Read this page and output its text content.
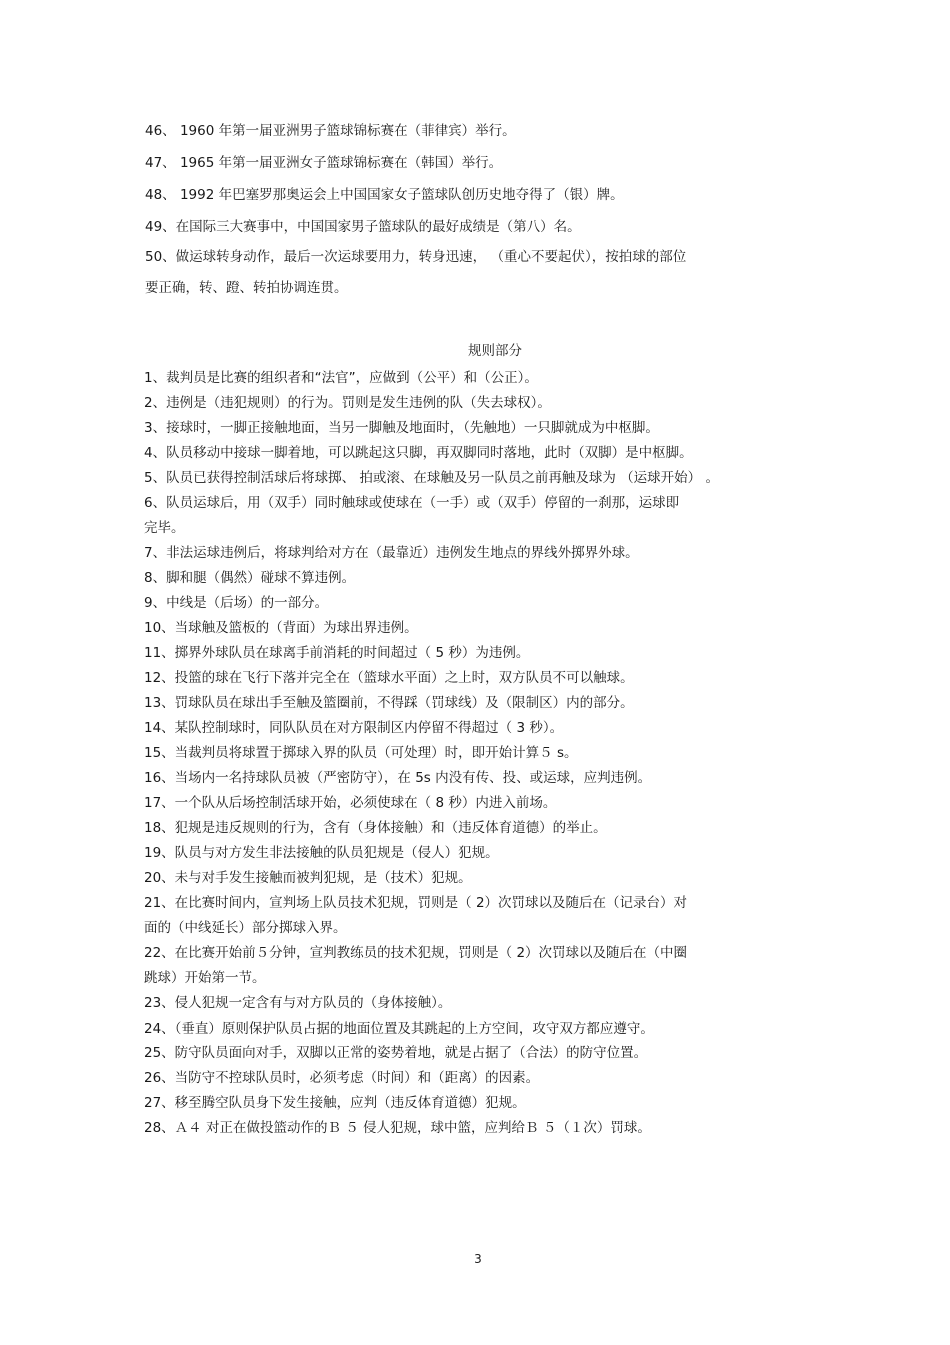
46、 1960 年第一届亚洲男子篮球锦标赛在（菲律宾）举行。
47、 1965 年第一届亚洲女子篮球锦标赛在（韩国）举行。
48、 1992 年巴塞罗那奥运会上中国国家女子篮球队创历史地夺得了（银）牌。
49、在国际三大赛事中，中国国家男子篮球队的最好成绩是（第八）名。
50、做运球转身动作，最后一次运球要用力，转身迅速， （重心不要起伏），按拍球的部位
要正确，转、蹬、转拍协调连贯。
规则部分
1、裁判员是比赛的组织者和“法官”，应做到（公平）和（公正）。
2、违例是（违犯规则）的行为。罚则是发生违例的队（失去球权）。
3、接球时，一脚正接触地面，当另一脚触及地面时，（先触地）一只脚就成为中枢脚。
4、队员移动中接球一脚着地，可以跳起这只脚，再双脚同时落地，此时（双脚）是中枢脚。
5、队员已获得控制活球后将球掷、 拍或滚、在球触及另一队员之前再触及球为 （运球开始） 。
6、队员运球后，用（双手）同时触球或使球在（一手）或（双手）停留的一刹那，运球即
完毕。
7、非法运球违例后，将球判给对方在（最靠近）违例发生地点的界线外掷界外球。
8、脚和腿（偶然）碰球不算违例。
9、中线是（后场）的一部分。
10、当球触及篮板的（背面）为球出界违例。
11、掷界外球队员在球离手前消耗的时间超过（ 5 秒）为违例。
12、投篮的球在飞行下落并完全在（篮球水平面）之上时，双方队员不可以触球。
13、罚球队员在球出手至触及篮圈前，不得踩（罚球线）及（限制区）内的部分。
14、某队控制球时，同队队员在对方限制区内停留不得超过（ 3 秒）。
15、当裁判员将球置于掷球入界的队员（可处理）时，即开始计算５ s。
16、当场内一名持球队员被（严密防守），在 5s 内没有传、投、或运球，应判违例。
17、一个队从后场控制活球开始，必须使球在（ 8 秒）内进入前场。
18、犯规是违反规则的行为，含有（身体接触）和（违反体育道德）的举止。
19、队员与对方发生非法接触的队员犯规是（侵人）犯规。
20、未与对手发生接触而被判犯规，是（技术）犯规。
21、在比赛时间内，宣判场上队员技术犯规，罚则是（ 2）次罚球以及随后在（记录台）对
面的（中线延长）部分掷球入界。
22、在比赛开始前５分钟，宣判教练员的技术犯规，罚则是（ 2）次罚球以及随后在（中圈
跳球）开始第一节。
23、侵人犯规一定含有与对方队员的（身体接触）。
24、（垂直）原则保护队员占据的地面位置及其跳起的上方空间，攻守双方都应遵守。
25、防守队员面向对手，双脚以正常的姿势着地，就是占据了（合法）的防守位置。
26、当防守不控球队员时，必须考虑（时间）和（距离）的因素。
27、移至腾空队员身下发生接触，应判（违反体育道德）犯规。
28、Ａ４ 对正在做投篮动作的Ｂ ５ 侵人犯规，球中篮，应判给Ｂ ５（１次）罚球。
3
